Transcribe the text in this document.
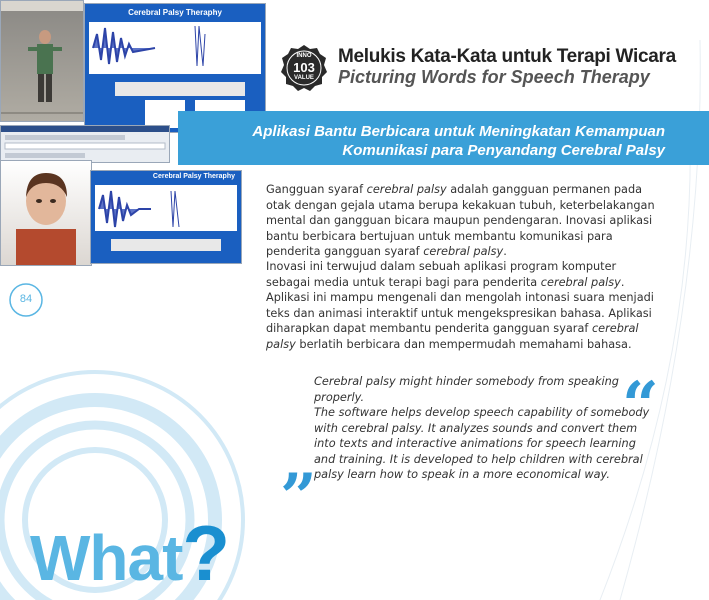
Cerebral Palsy Theraphy
Cerebral Palsy Theraphy
84
INNO
103
VALUE
Melukis Kata-Kata untuk Terapi Wicara
Picturing Words for Speech Therapy
Aplikasi Bantu Berbicara untuk Meningkatan Kemampuan
Komunikasi para Penyandang Cerebral Palsy
Gangguan syaraf cerebral palsy adalah gangguan permanen pada otak dengan gejala utama berupa kekakuan tubuh, keterbelakangan mental dan gangguan bicara maupun pendengaran. Inovasi aplikasi bantu berbicara bertujuan untuk membantu komunikasi para penderita gangguan syaraf cerebral palsy.
Inovasi ini terwujud dalam sebuah aplikasi program komputer sebagai media untuk terapi bagi para penderita cerebral palsy. Aplikasi ini mampu mengenali dan mengolah intonasi suara menjadi teks dan animasi interaktif untuk mengekspresikan bahasa. Aplikasi diharapkan dapat membantu penderita gangguan syaraf cerebral palsy berlatih berbicara dan mempermudah memahami bahasa.
Cerebral palsy might hinder somebody from speaking properly.
The software helps develop speech capability of somebody with cerebral palsy. It analyzes sounds and convert them into texts and interactive animations for speech learning and training. It is developed to help children with cerebral palsy learn how to speak in a more economical way.
“
”
What?
